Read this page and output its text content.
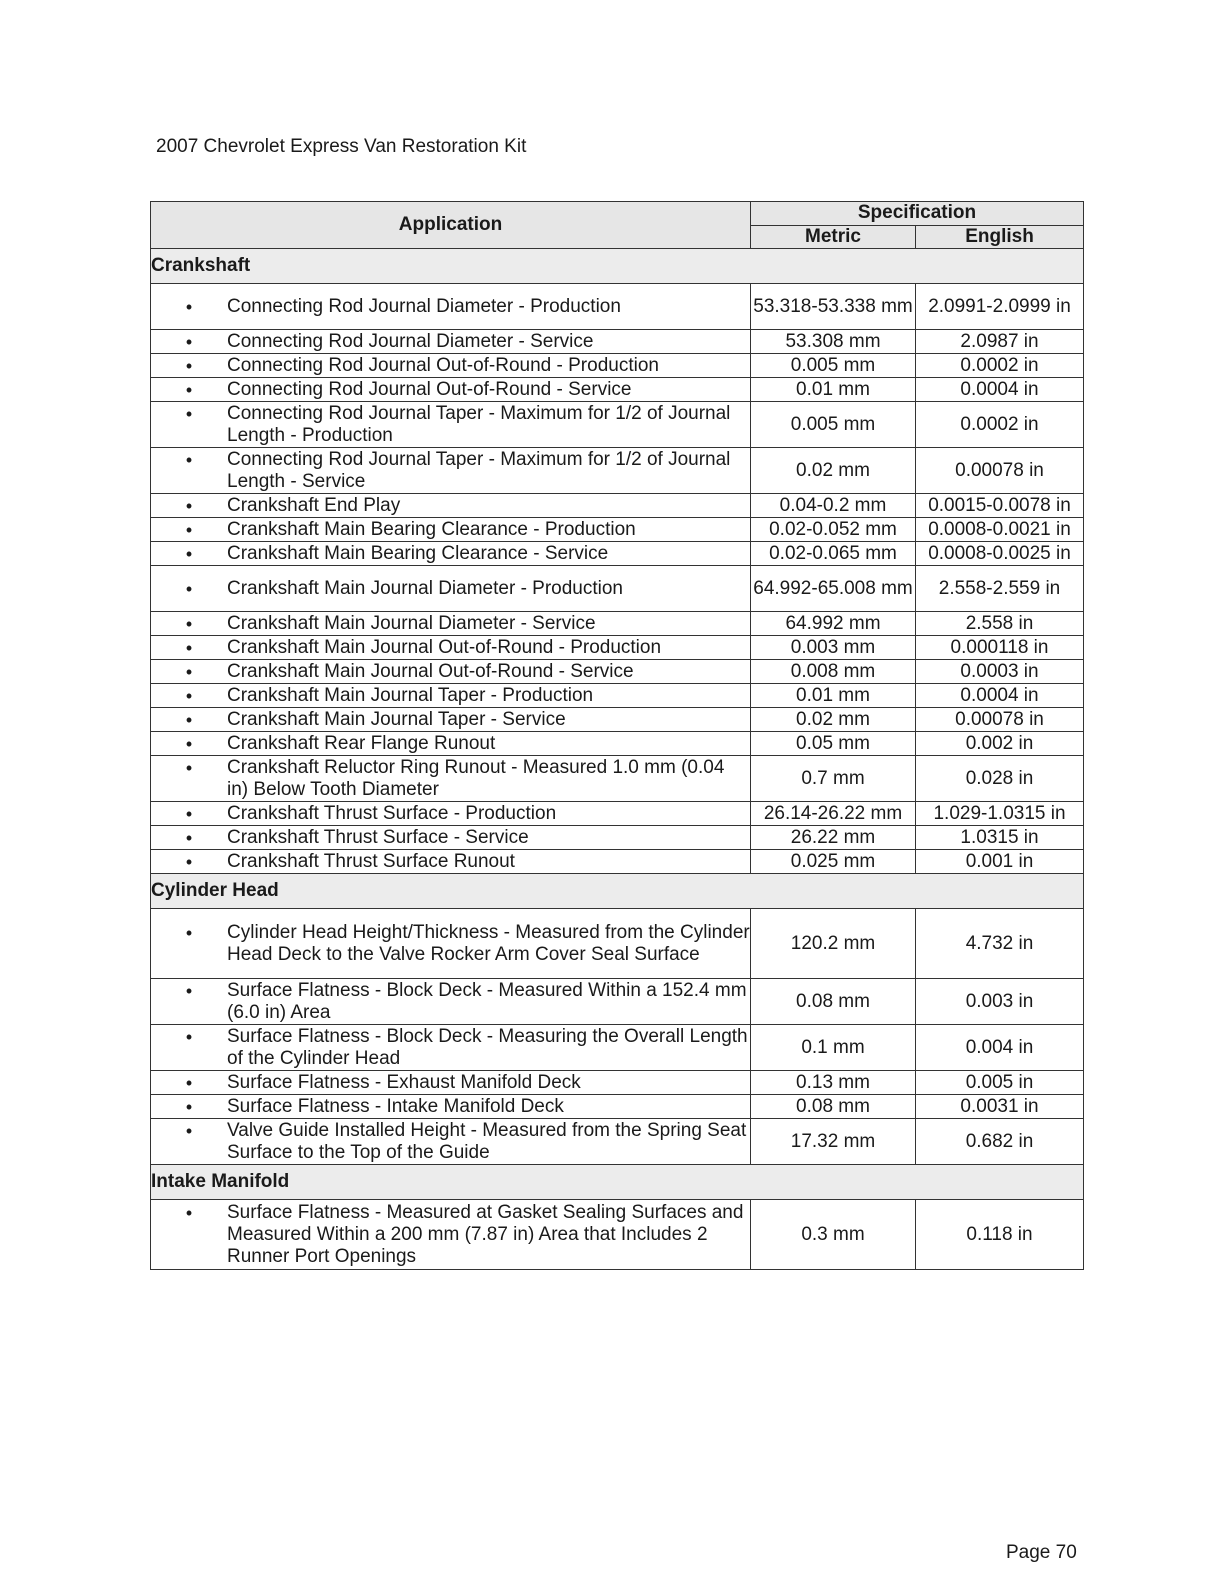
2007 Chevrolet Express Van Restoration Kit
Application	Specification	
	Metric	English
Crankshaft		

• Connecting Rod Journal Diameter - Production	53.318-53.338 mm	2.0991-2.0999 in

• Connecting Rod Journal Diameter - Service	53.308 mm	2.0987 in

• Connecting Rod Journal Out-of-Round - Production	0.005 mm	0.0002 in

• Connecting Rod Journal Out-of-Round - Service	0.01 mm	0.0004 in

• Connecting Rod Journal Taper - Maximum for 1/2 of Journal Length - Production	0.005 mm	0.0002 in

• Connecting Rod Journal Taper - Maximum for 1/2 of Journal Length - Service	0.02 mm	0.00078 in

• Crankshaft End Play	0.04-0.2 mm	0.0015-0.0078 in

• Crankshaft Main Bearing Clearance - Production	0.02-0.052 mm	0.0008-0.0021 in

• Crankshaft Main Bearing Clearance - Service	0.02-0.065 mm	0.0008-0.0025 in

• Crankshaft Main Journal Diameter - Production	64.992-65.008 mm	2.558-2.559 in

• Crankshaft Main Journal Diameter - Service	64.992 mm	2.558 in

• Crankshaft Main Journal Out-of-Round - Production	0.003 mm	0.000118 in

• Crankshaft Main Journal Out-of-Round - Service	0.008 mm	0.0003 in

• Crankshaft Main Journal Taper - Production	0.01 mm	0.0004 in

• Crankshaft Main Journal Taper - Service	0.02 mm	0.00078 in

• Crankshaft Rear Flange Runout	0.05 mm	0.002 in

• Crankshaft Reluctor Ring Runout - Measured 1.0 mm (0.04 in) Below Tooth Diameter	0.7 mm	0.028 in

• Crankshaft Thrust Surface - Production	26.14-26.22 mm	1.029-1.0315 in

• Crankshaft Thrust Surface - Service	26.22 mm	1.0315 in

• Crankshaft Thrust Surface Runout	0.025 mm	0.001 in
Cylinder Head		

• Cylinder Head Height/Thickness - Measured from the Cylinder Head Deck to the Valve Rocker Arm Cover Seal Surface	120.2 mm	4.732 in

• Surface Flatness - Block Deck - Measured Within a 152.4 mm (6.0 in) Area	0.08 mm	0.003 in

• Surface Flatness - Block Deck - Measuring the Overall Length of the Cylinder Head	0.1 mm	0.004 in

• Surface Flatness - Exhaust Manifold Deck	0.13 mm	0.005 in

• Surface Flatness - Intake Manifold Deck	0.08 mm	0.0031 in

• Valve Guide Installed Height - Measured from the Spring Seat Surface to the Top of the Guide	17.32 mm	0.682 in
Intake Manifold		

• Surface Flatness - Measured at Gasket Sealing Surfaces and Measured Within a 200 mm (7.87 in) Area that Includes 2 Runner Port Openings	0.3 mm	0.118 in
Page 70
